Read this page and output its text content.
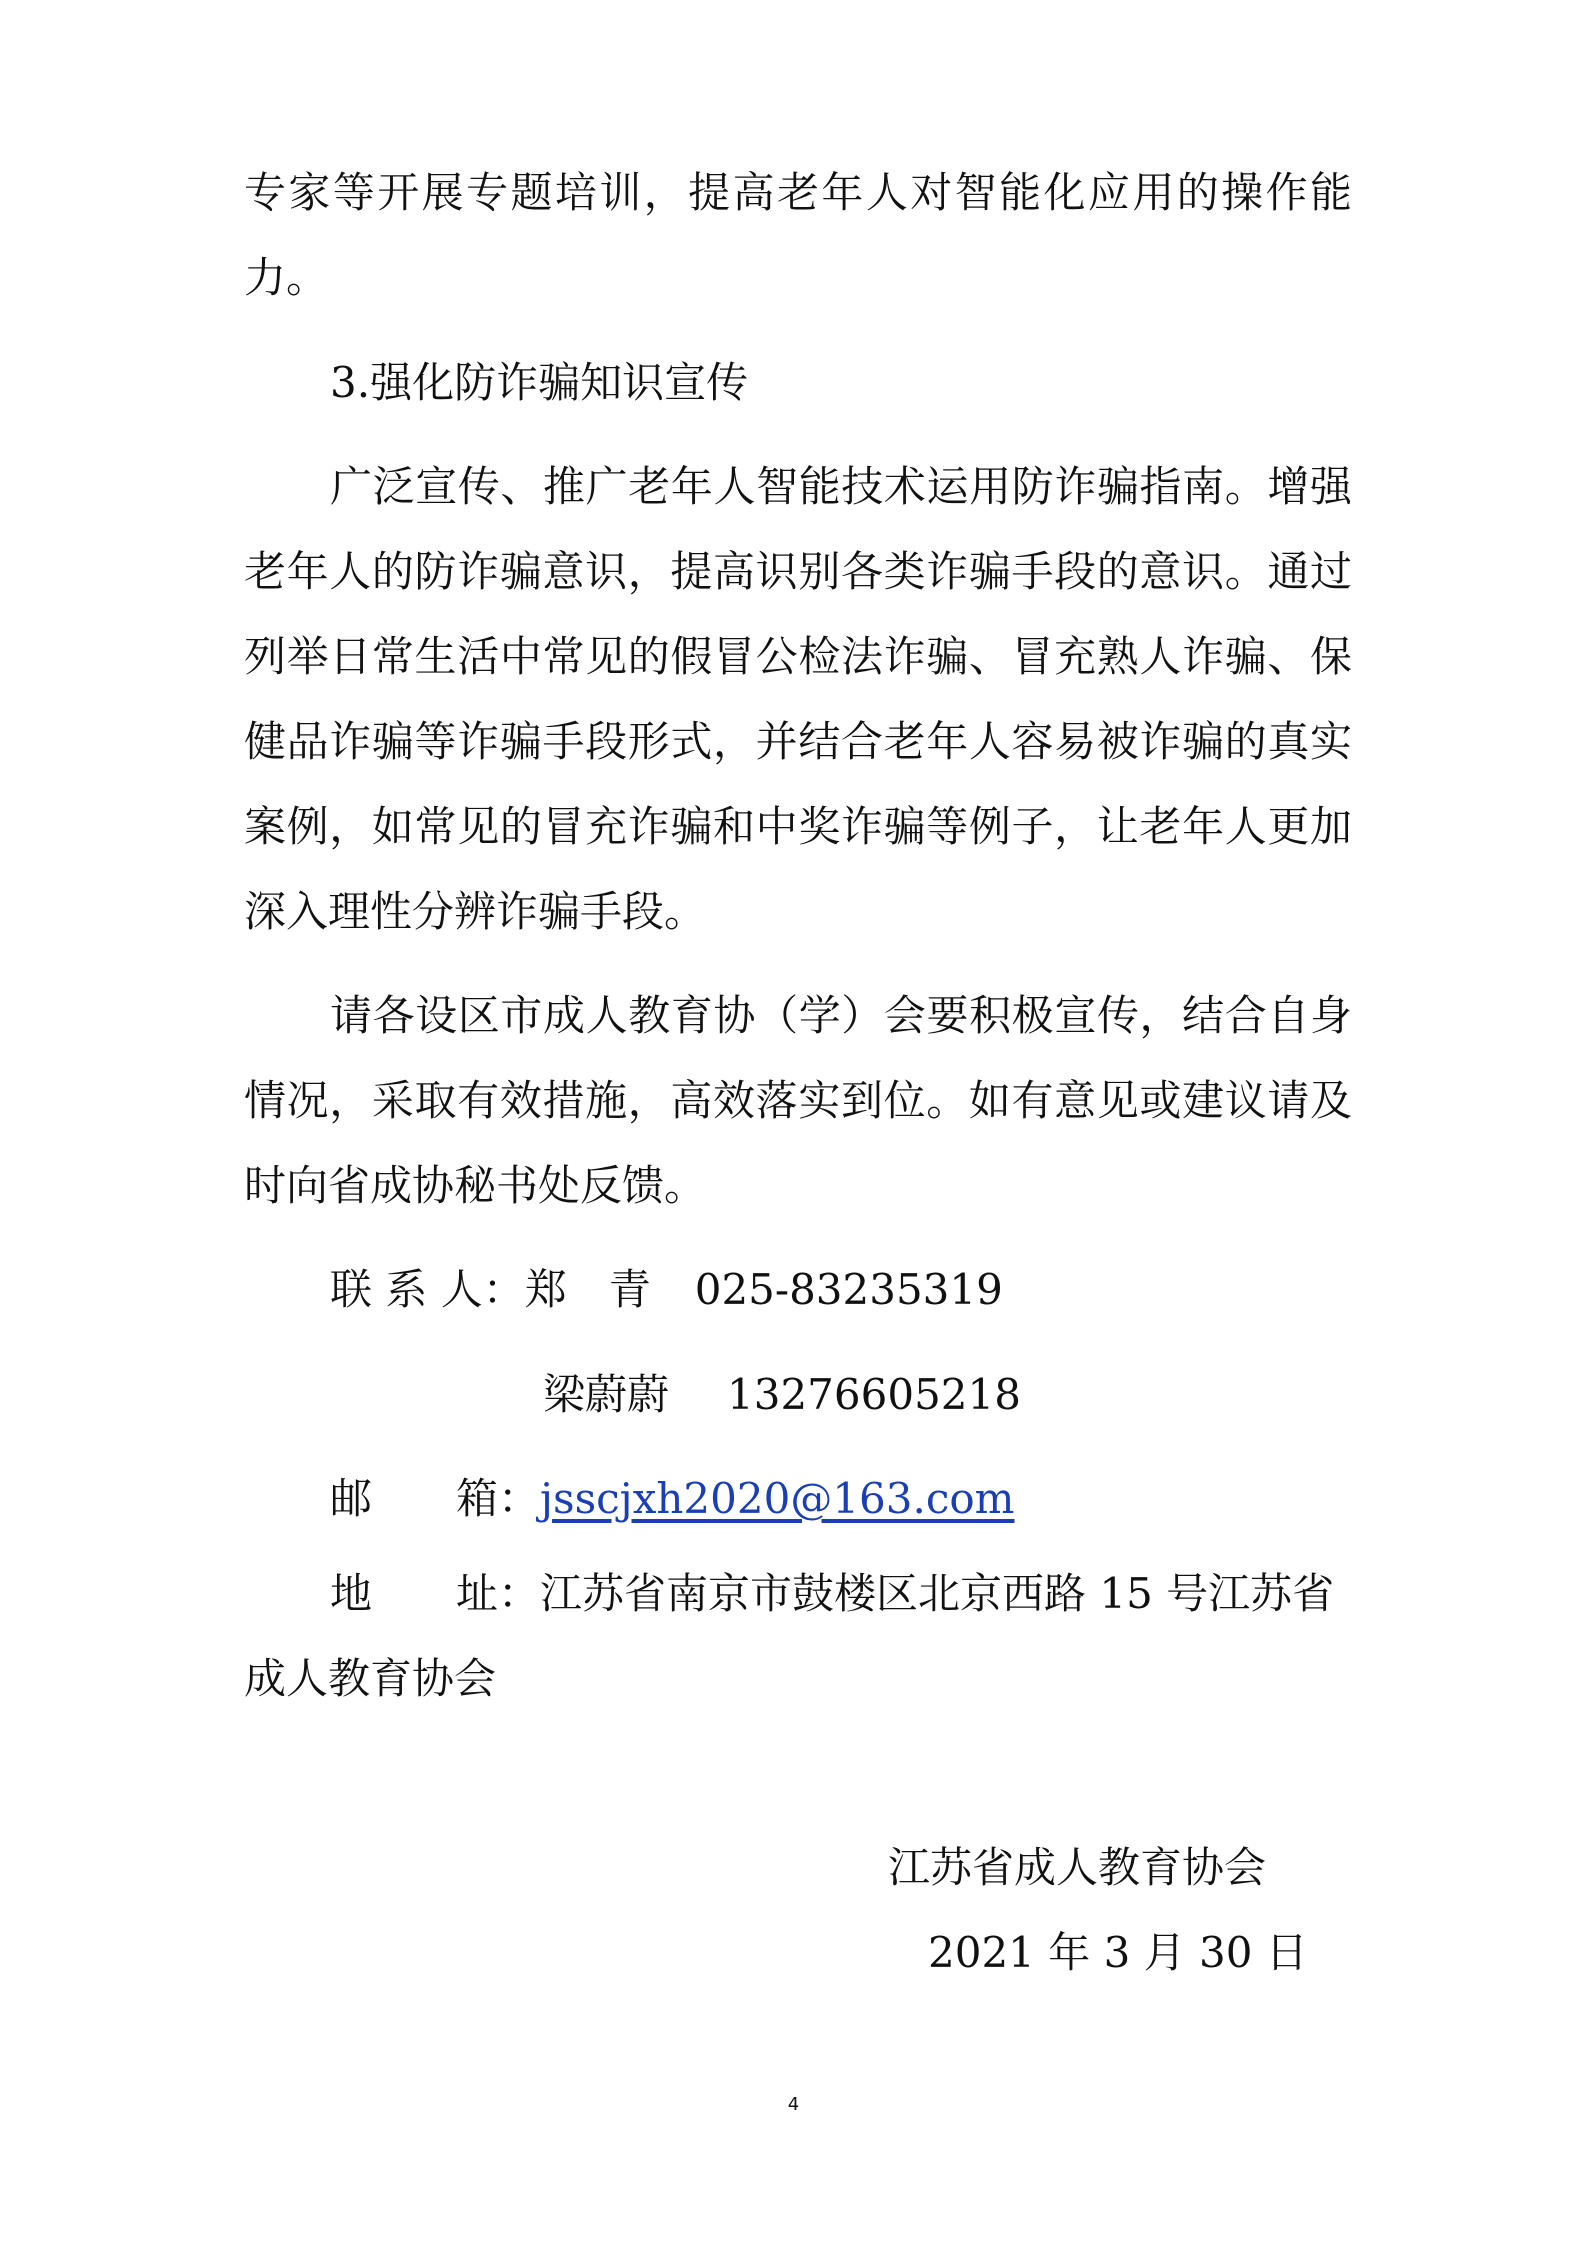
专家等开展专题培训，提高老年人对智能化应用的操作能
力。
3.强化防诈骗知识宣传
广泛宣传、推广老年人智能技术运用防诈骗指南。增强
老年人的防诈骗意识，提高识别各类诈骗手段的意识。通过
列举日常生活中常见的假冒公检法诈骗、冒充熟人诈骗、保
健品诈骗等诈骗手段形式，并结合老年人容易被诈骗的真实
案例，如常见的冒充诈骗和中奖诈骗等例子，让老年人更加
深入理性分辨诈骗手段。
请各设区市成人教育协（学）会要积极宣传，结合自身
情况，采取有效措施，高效落实到位。如有意见或建议请及
时向省成协秘书处反馈。
联 系 人：郑　青 025-83235319
梁蔚蔚 13276605218
邮　　箱：jsscjxh2020@163.com
地　　址：江苏省南京市鼓楼区北京西路 15 号江苏省
成人教育协会
江苏省成人教育协会
2021 年 3 月 30 日
4
